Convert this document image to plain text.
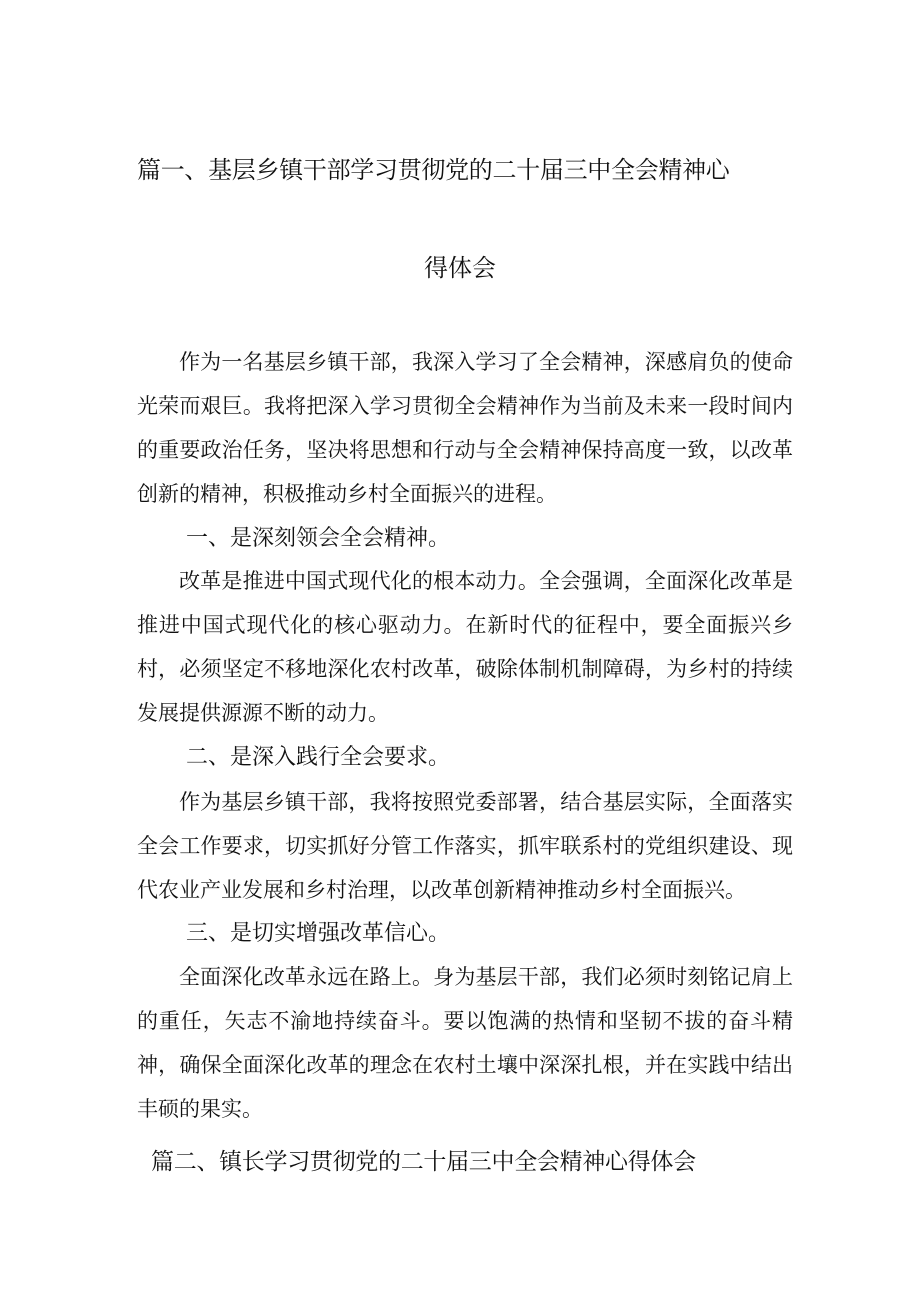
篇一、基层乡镇干部学习贯彻党的二十届三中全会精神心
得体会

作为一名基层乡镇干部，我深入学习了全会精神，深感肩负的使命光荣而艰巨。我将把深入学习贯彻全会精神作为当前及未来一段时间内的重要政治任务，坚决将思想和行动与全会精神保持高度一致，以改革创新的精神，积极推动乡村全面振兴的进程。

一、是深刻领会全会精神。

改革是推进中国式现代化的根本动力。全会强调，全面深化改革是推进中国式现代化的核心驱动力。在新时代的征程中，要全面振兴乡村，必须坚定不移地深化农村改革，破除体制机制障碍，为乡村的持续发展提供源源不断的动力。

二、是深入践行全会要求。

作为基层乡镇干部，我将按照党委部署，结合基层实际，全面落实全会工作要求，切实抓好分管工作落实，抓牢联系村的党组织建设、现代农业产业发展和乡村治理，以改革创新精神推动乡村全面振兴。

三、是切实增强改革信心。

全面深化改革永远在路上。身为基层干部，我们必须时刻铭记肩上的重任，矢志不渝地持续奋斗。要以饱满的热情和坚韧不拔的奋斗精神，确保全面深化改革的理念在农村土壤中深深扎根，并在实践中结出丰硕的果实。

篇二、镇长学习贯彻党的二十届三中全会精神心得体会
